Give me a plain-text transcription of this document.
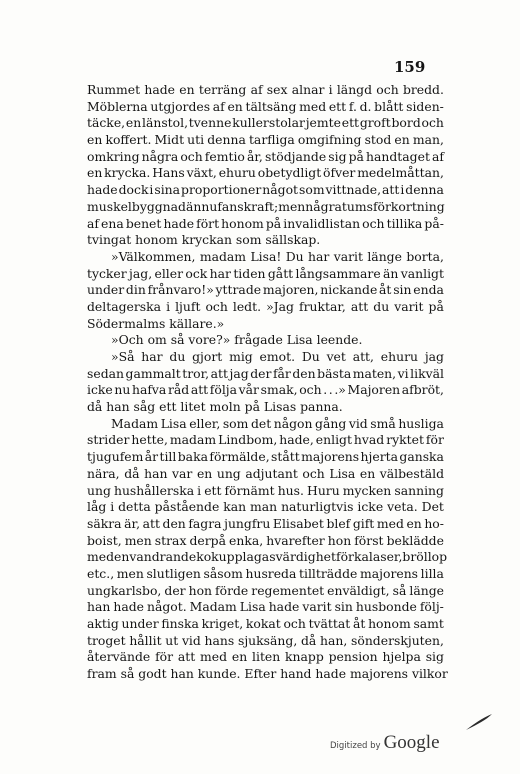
159
Rummet hade en terräng af sex alnar i längd och bredd.
Möblerna utgjordes af en tältsäng med ett f. d. blått siden-
täcke, en länstol, tvenne kullerstolar jemte ett groft bord och
en koffert. Midt uti denna tarfliga omgifning stod en man,
omkring några och femtio år, stödjande sig på handtaget af
en krycka. Hans växt, ehuru obetydligt öfver medelmåttan,
hade dock i sina proportioner något som vittnade, att i denna
muskelbyggnad ännu fans kraft; men några tums förkortning
af ena benet hade fört honom på invalidlistan och tillika på-
tvingat honom kryckan som sällskap.
»Välkommen, madam Lisa! Du har varit länge borta,
tycker jag, eller ock har tiden gått långsammare än vanligt
under din frånvaro!» yttrade majoren, nickande åt sin enda
deltagerska i ljuft och ledt. »Jag fruktar, att du varit på
Södermalms källare.»
»Och om så vore?» frågade Lisa leende.
»Så har du gjort mig emot. Du vet att, ehuru jag
sedan gammalt tror, att jag der får den bästa maten, vi likväl
icke nu hafva råd att följa vår smak, och . . .» Majoren afbröt,
då han såg ett litet moln på Lisas panna.
Madam Lisa eller, som det någon gång vid små husliga
strider hette, madam Lindbom, hade, enligt hvad ryktet för
tjugufem år till baka förmälde, stått majorens hjerta ganska
nära, då han var en ung adjutant och Lisa en välbestäld
ung hushållerska i ett förnämt hus. Huru mycken sanning
låg i detta påstående kan man naturligtvis icke veta. Det
säkra är, att den fagra jungfru Elisabet blef gift med en ho-
boist, men strax derpå enka, hvarefter hon först beklädde
med en vandrande kokupplagas värdighet för kalaser, bröllop
etc., men slutligen såsom husreda tillträdde majorens lilla
ungkarlsbo, der hon förde regementet enväldigt, så länge
han hade något. Madam Lisa hade varit sin husbonde följ-
aktig under finska kriget, kokat och tvättat åt honom samt
troget hållit ut vid hans sjuksäng, då han, sönderskjuten,
återvände för att med en liten knapp pension hjelpa sig
fram så godt han kunde. Efter hand hade majorens vilkor
Digitized by Google
